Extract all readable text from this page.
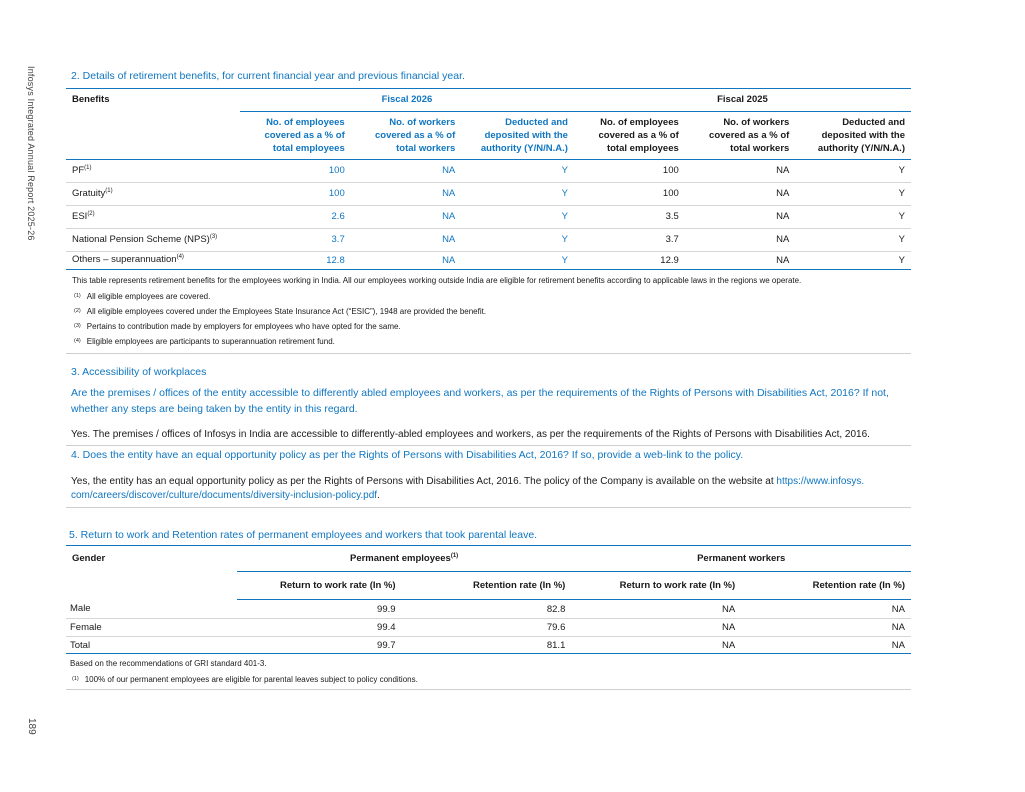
Infosys Integrated Annual Report 2025-26
189

2. Details of retirement benefits, for current financial year and previous financial year.

Benefits	Fiscal 2026			Fiscal 2025		
	No. of employees covered as a % of total employees	No. of workers covered as a % of total workers	Deducted and deposited with the authority (Y/N/N.A.)	No. of employees covered as a % of total employees	No. of workers covered as a % of total workers	Deducted and deposited with the authority (Y/N/N.A.)

PF$^{(1)}$	100	NA	Y	100	NA	Y
Gratuity$^{(1)}$	100	NA	Y	100	NA	Y
ESI$^{(2)}$	2.6	NA	Y	3.5	NA	Y
National Pension Scheme (NPS)$^{(3)}$	3.7	NA	Y	3.7	NA	Y
Others – superannuation$^{(4)}$	12.8	NA	Y	12.9	NA	Y

This table represents retirement benefits for the employees working in India. All our employees working outside India are eligible for retirement benefits according to applicable laws in the regions we operate.

$^{(1)}$ All eligible employees are covered.
$^{(2)}$ All eligible employees covered under the Employees State Insurance Act (“ESIC”), 1948 are provided the benefit.
$^{(3)}$ Pertains to contribution made by employers for employees who have opted for the same.
$^{(4)}$ Eligible employees are participants to superannuation retirement fund.

3. Accessibility of workplaces

Are the premises / offices of the entity accessible to differently abled employees and workers, as per the requirements of the Rights of Persons with Disabilities Act, 2016? If not, whether any steps are being taken by the entity in this regard.

Yes. The premises / offices of Infosys in India are accessible to differently-abled employees and workers, as per the requirements of the Rights of Persons with Disabilities Act, 2016.

4. Does the entity have an equal opportunity policy as per the Rights of Persons with Disabilities Act, 2016? If so, provide a web-link to the policy.

Yes, the entity has an equal opportunity policy as per the Rights of Persons with Disabilities Act, 2016. The policy of the Company is available on the website at https://www.infosys.
com/careers/discover/culture/documents/diversity-inclusion-policy.pdf.

5. Return to work and Retention rates of permanent employees and workers that took parental leave.

Gender	Permanent employees$^{(1)}$		Permanent workers	
	Return to work rate (In %)	Retention rate (In %)	Return to work rate (In %)	Retention rate (In %)
Male	99.9	82.8	NA	NA
Female	99.4	79.6	NA	NA
Total	99.7	81.1	NA	NA

Based on the recommendations of GRI standard 401-3.

$^{(1)}$ 100% of our permanent employees are eligible for parental leaves subject to policy conditions.
